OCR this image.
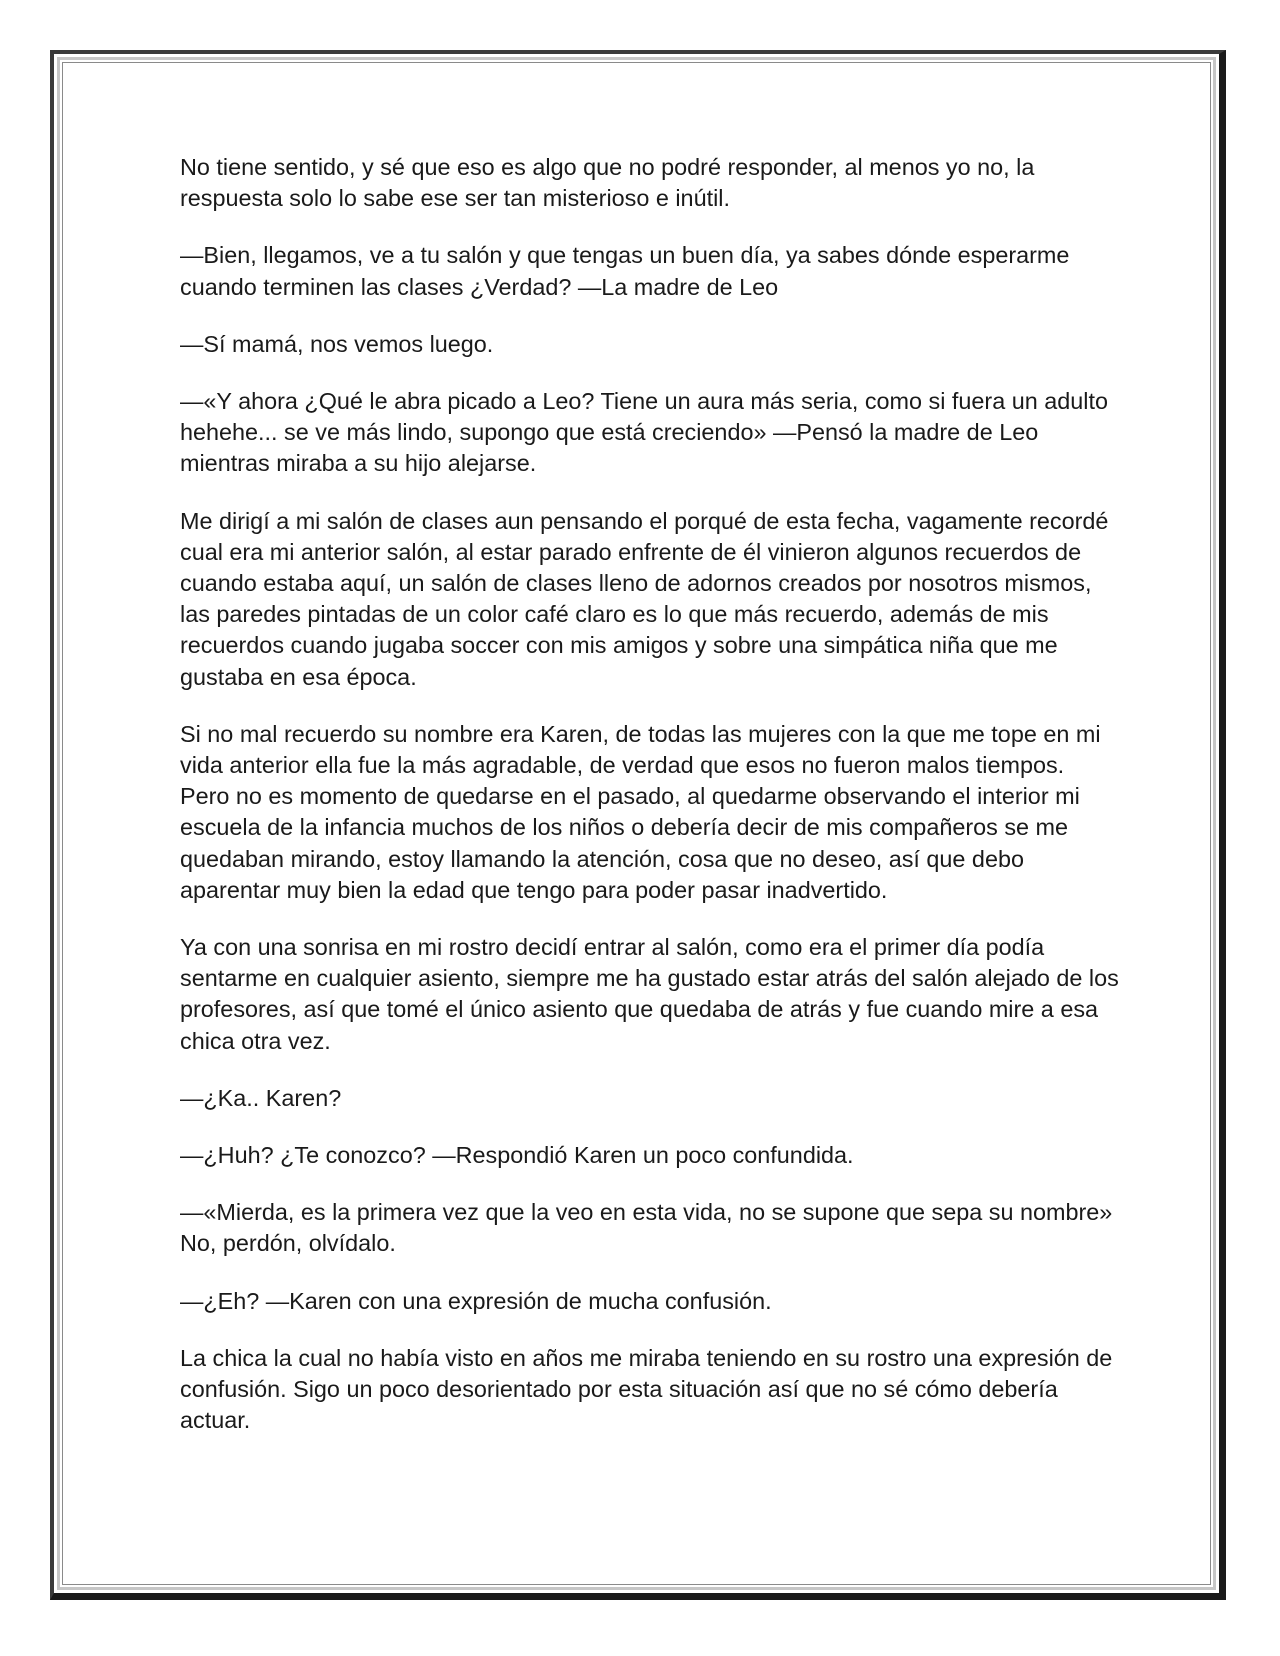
No tiene sentido, y sé que eso es algo que no podré responder, al menos yo no, la respuesta solo lo sabe ese ser tan misterioso e inútil.

—Bien, llegamos, ve a tu salón y que tengas un buen día, ya sabes dónde esperarme cuando terminen las clases ¿Verdad? —La madre de Leo

—Sí mamá, nos vemos luego.

—«Y ahora ¿Qué le abra picado a Leo? Tiene un aura más seria, como si fuera un adulto hehehe... se ve más lindo, supongo que está creciendo» —Pensó la madre de Leo mientras miraba a su hijo alejarse.

Me dirigí a mi salón de clases aun pensando el porqué de esta fecha, vagamente recordé cual era mi anterior salón, al estar parado enfrente de él vinieron algunos recuerdos de cuando estaba aquí, un salón de clases lleno de adornos creados por nosotros mismos, las paredes pintadas de un color café claro es lo que más recuerdo, además de mis recuerdos cuando jugaba soccer con mis amigos y sobre una simpática niña que me gustaba en esa época.

Si no mal recuerdo su nombre era Karen, de todas las mujeres con la que me tope en mi vida anterior ella fue la más agradable, de verdad que esos no fueron malos tiempos. Pero no es momento de quedarse en el pasado, al quedarme observando el interior mi escuela de la infancia muchos de los niños o debería decir de mis compañeros se me quedaban mirando, estoy llamando la atención, cosa que no deseo, así que debo aparentar muy bien la edad que tengo para poder pasar inadvertido.

Ya con una sonrisa en mi rostro decidí entrar al salón, como era el primer día podía sentarme en cualquier asiento, siempre me ha gustado estar atrás del salón alejado de los profesores, así que tomé el único asiento que quedaba de atrás y fue cuando mire a esa chica otra vez.

—¿Ka.. Karen?

—¿Huh? ¿Te conozco? —Respondió Karen un poco confundida.

—«Mierda, es la primera vez que la veo en esta vida, no se supone que sepa su nombre» No, perdón, olvídalo.

—¿Eh? —Karen con una expresión de mucha confusión.

La chica la cual no había visto en años me miraba teniendo en su rostro una expresión de confusión. Sigo un poco desorientado por esta situación así que no sé cómo debería actuar.
